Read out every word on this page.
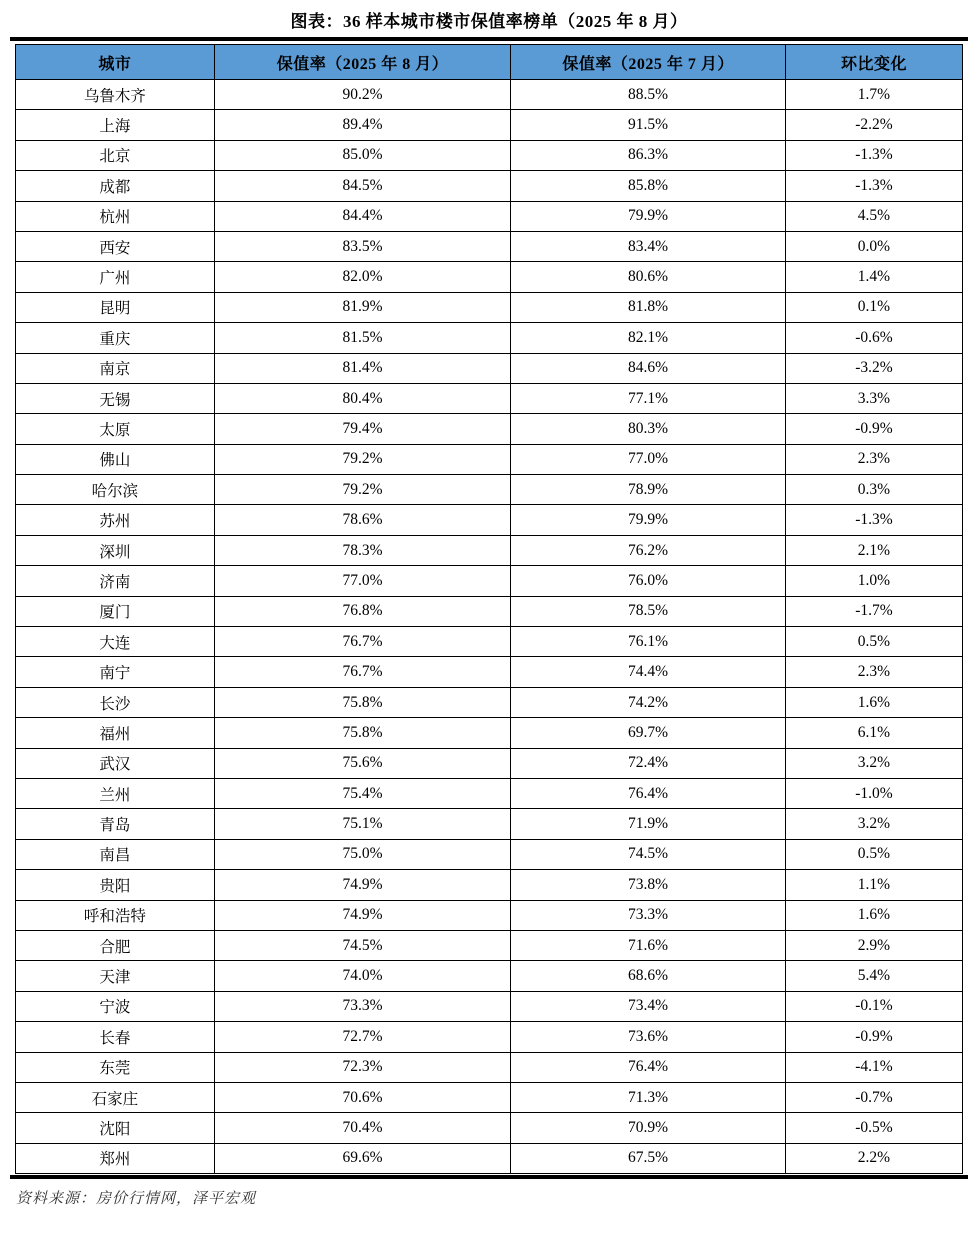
图表：36 样本城市楼市保值率榜单（2025 年 8 月）
城市	保值率（2025 年 8 月）	保值率（2025 年 7 月）	环比变化
乌鲁木齐	90.2%	88.5%	1.7%
上海	89.4%	91.5%	-2.2%
北京	85.0%	86.3%	-1.3%
成都	84.5%	85.8%	-1.3%
杭州	84.4%	79.9%	4.5%
西安	83.5%	83.4%	0.0%
广州	82.0%	80.6%	1.4%
昆明	81.9%	81.8%	0.1%
重庆	81.5%	82.1%	-0.6%
南京	81.4%	84.6%	-3.2%
无锡	80.4%	77.1%	3.3%
太原	79.4%	80.3%	-0.9%
佛山	79.2%	77.0%	2.3%
哈尔滨	79.2%	78.9%	0.3%
苏州	78.6%	79.9%	-1.3%
深圳	78.3%	76.2%	2.1%
济南	77.0%	76.0%	1.0%
厦门	76.8%	78.5%	-1.7%
大连	76.7%	76.1%	0.5%
南宁	76.7%	74.4%	2.3%
长沙	75.8%	74.2%	1.6%
福州	75.8%	69.7%	6.1%
武汉	75.6%	72.4%	3.2%
兰州	75.4%	76.4%	-1.0%
青岛	75.1%	71.9%	3.2%
南昌	75.0%	74.5%	0.5%
贵阳	74.9%	73.8%	1.1%
呼和浩特	74.9%	73.3%	1.6%
合肥	74.5%	71.6%	2.9%
天津	74.0%	68.6%	5.4%
宁波	73.3%	73.4%	-0.1%
长春	72.7%	73.6%	-0.9%
东莞	72.3%	76.4%	-4.1%
石家庄	70.6%	71.3%	-0.7%
沈阳	70.4%	70.9%	-0.5%
郑州	69.6%	67.5%	2.2%
资料来源：房价行情网，泽平宏观
